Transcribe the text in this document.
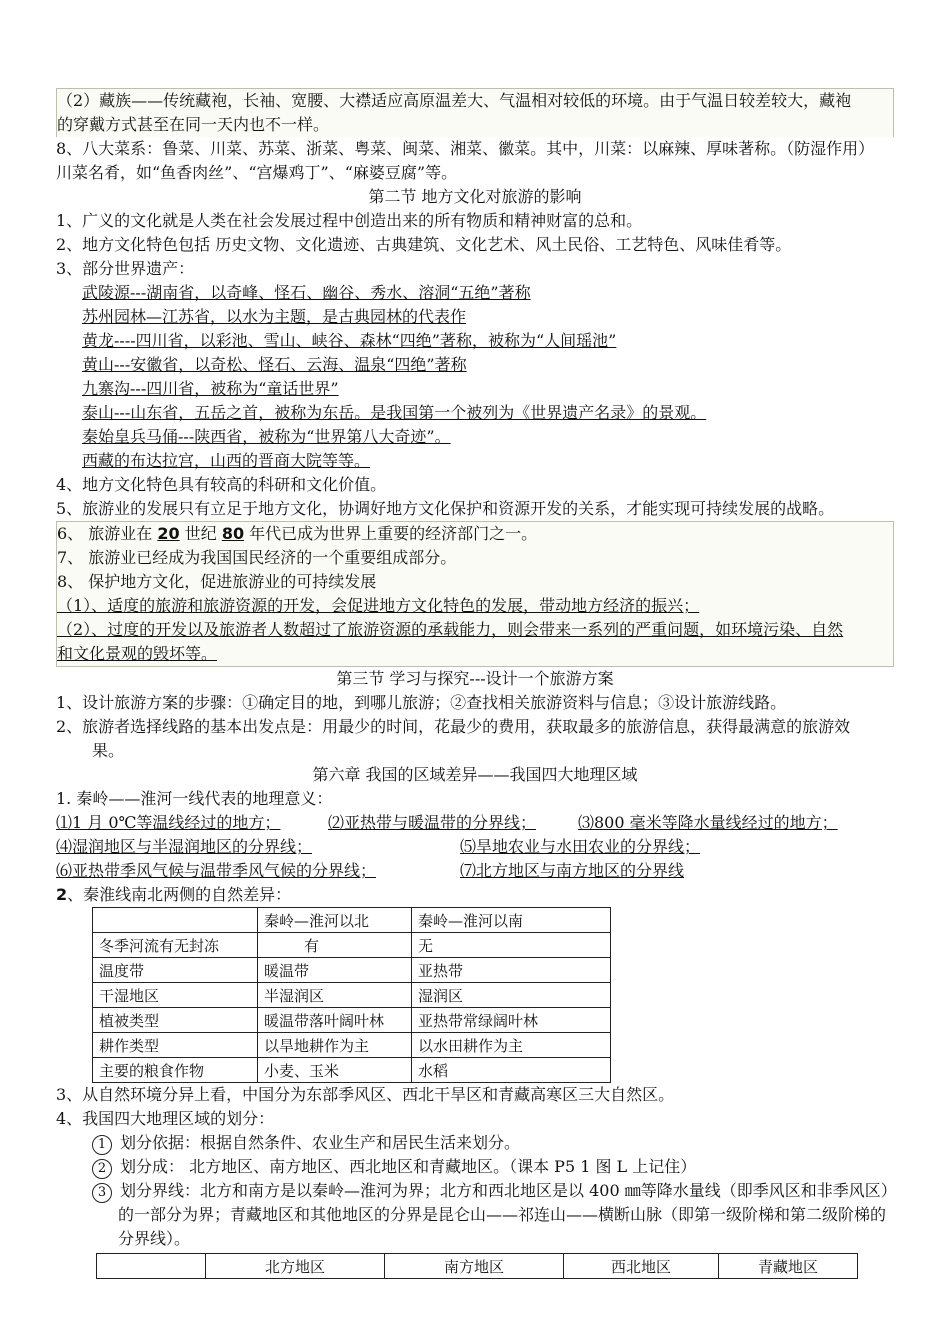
（2）藏族——传统藏袍，长袖、宽腰、大襟适应高原温差大、气温相对较低的环境。由于气温日较差较大，藏袍
的穿戴方式甚至在同一天内也不一样。
8、八大菜系：鲁菜、川菜、苏菜、浙菜、粤菜、闽菜、湘菜、徽菜。其中，川菜：以麻辣、厚味著称。（防湿作用）
川菜名肴，如“鱼香肉丝”、“宫爆鸡丁”、“麻婆豆腐”等。
第二节 地方文化对旅游的影响
1、广义的文化就是人类在社会发展过程中创造出来的所有物质和精神财富的总和。
2、地方文化特色包括 历史文物、文化遗迹、古典建筑、文化艺术、风土民俗、工艺特色、风味佳肴等。
3、部分世界遗产：
武陵源---湖南省，以奇峰、怪石、幽谷、秀水、溶洞“五绝”著称
苏州园林—江苏省，以水为主题，是古典园林的代表作
黄龙----四川省，以彩池、雪山、峡谷、森林“四绝”著称，被称为“人间瑶池”
黄山---安徽省，以奇松、怪石、云海、温泉“四绝”著称
九寨沟---四川省，被称为“童话世界”
泰山---山东省，五岳之首，被称为东岳。是我国第一个被列为《世界遗产名录》的景观。
秦始皇兵马俑---陕西省，被称为“世界第八大奇迹”。
西藏的布达拉宫，山西的晋商大院等等。
4、地方文化特色具有较高的科研和文化价值。
5、旅游业的发展只有立足于地方文化，协调好地方文化保护和资源开发的关系，才能实现可持续发展的战略。
6、 旅游业在 20 世纪 80 年代已成为世界上重要的经济部门之一。
7、 旅游业已经成为我国国民经济的一个重要组成部分。
8、 保护地方文化，促进旅游业的可持续发展
（1）、适度的旅游和旅游资源的开发，会促进地方文化特色的发展，带动地方经济的振兴；
（2）、过度的开发以及旅游者人数超过了旅游资源的承载能力，则会带来一系列的严重问题，如环境污染、自然
和文化景观的毁坏等。
第三节 学习与探究---设计一个旅游方案
1、设计旅游方案的步骤：①确定目的地，到哪儿旅游；②查找相关旅游资料与信息；③设计旅游线路。
2、旅游者选择线路的基本出发点是：用最少的时间，花最少的费用，获取最多的旅游信息，获得最满意的旅游效
果。
第六章 我国的区域差异——我国四大地理区域
1. 秦岭——淮河一线代表的地理意义：
⑴1 月 0℃等温线经过的地方；	⑵亚热带与暖温带的分界线；	⑶800 毫米等降水量线经过的地方；
⑷湿润地区与半湿润地区的分界线；	⑸旱地农业与水田农业的分界线；
⑹亚热带季风气候与温带季风气候的分界线；	⑺北方地区与南方地区的分界线
2、秦淮线南北两侧的自然差异：
	秦岭—淮河以北	秦岭—淮河以南
冬季河流有无封冻	有	无
温度带	暖温带	亚热带
干湿地区	半湿润区	湿润区
植被类型	暖温带落叶阔叶林	亚热带常绿阔叶林
耕作类型	以旱地耕作为主	以水田耕作为主
主要的粮食作物	小麦、玉米	水稻
3、从自然环境分异上看，中国分为东部季风区、西北干旱区和青藏高寒区三大自然区。
4、我国四大地理区域的划分：
1 划分依据：根据自然条件、农业生产和居民生活来划分。
2 划分成： 北方地区、南方地区、西北地区和青藏地区。（课本 P5 1 图 L 上记住）
3 划分界线：北方和南方是以秦岭—淮河为界；北方和西北地区是以 400 ㎜等降水量线（即季风区和非季风区）的一部分为界；青藏地区和其他地区的分界是昆仑山——祁连山——横断山脉（即第一级阶梯和第二级阶梯的分界线）。
	北方地区	南方地区	西北地区	青藏地区
